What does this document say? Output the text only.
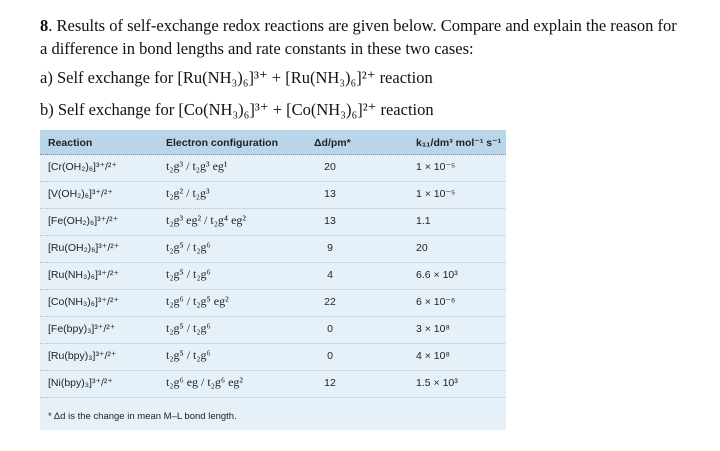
8. Results of self-exchange redox reactions are given below. Compare and explain the reason for

a difference in bond lengths and rate constants in these two cases:

a) Self exchange for [Ru(NH₃)₆]³⁺ + [Ru(NH₃)₆]²⁺ reaction

b) Self exchange for [Co(NH₃)₆]³⁺ + [Co(NH₃)₆]²⁺ reaction

Reaction	Electron configuration	Δd/pm*	k₁₁/dm³ mol⁻¹ s⁻¹
[Cr(OH₂)₆]³⁺/²⁺	t₂g³ / t₂g³ eg¹	20	1 × 10⁻⁵
[V(OH₂)₆]³⁺/²⁺	t₂g² / t₂g³	13	1 × 10⁻⁵
[Fe(OH₂)₆]³⁺/²⁺	t₂g³ eg² / t₂g⁴ eg²	13	1.1
[Ru(OH₂)₆]³⁺/²⁺	t₂g⁵ / t₂g⁶	9	20
[Ru(NH₃)₆]³⁺/²⁺	t₂g⁵ / t₂g⁶	4	6.6 × 10³
[Co(NH₃)₆]³⁺/²⁺	t₂g⁶ / t₂g⁵ eg²	22	6 × 10⁻⁶
[Fe(bpy)₃]³⁺/²⁺	t₂g⁵ / t₂g⁶	0	3 × 10⁸
[Ru(bpy)₃]³⁺/²⁺	t₂g⁵ / t₂g⁶	0	4 × 10⁸
[Ni(bpy)₃]³⁺/²⁺	t₂g⁶ eg / t₂g⁶ eg²	12	1.5 × 10³
* Δd is the change in mean M–L bond length.
